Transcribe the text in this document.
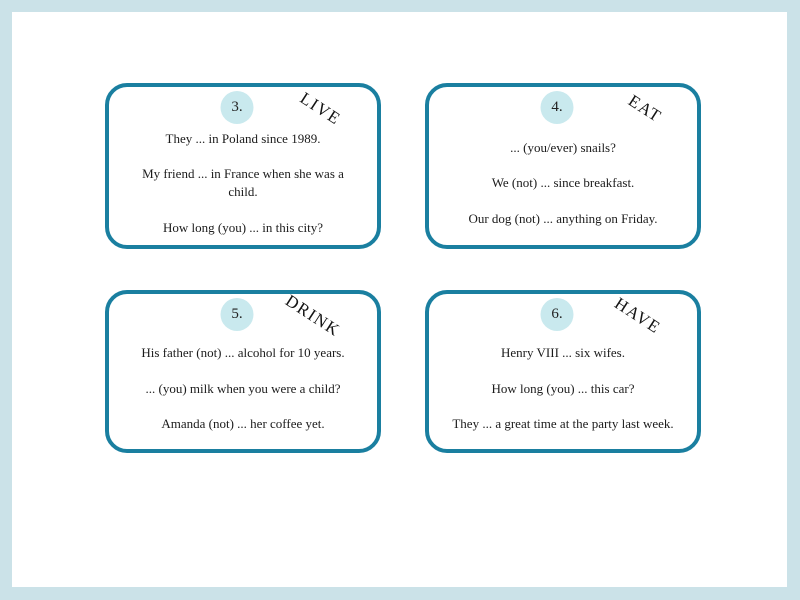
3.	LIVE

They ... in Poland since 1989.

My friend ... in France when she was a child.

How long (you) ... in this city?

4.	EAT

... (you/ever) snails?

We (not) ... since breakfast.

Our dog (not) ... anything on Friday.

5. DRINK

His father (not) ... alcohol for 10 years.

... (you) milk when you were a child?

Amanda (not) ... her coffee yet.

6.	HAVE

Henry VIII ... six wifes.

How long (you) ... this car?

They ... a great time at the party last week.
